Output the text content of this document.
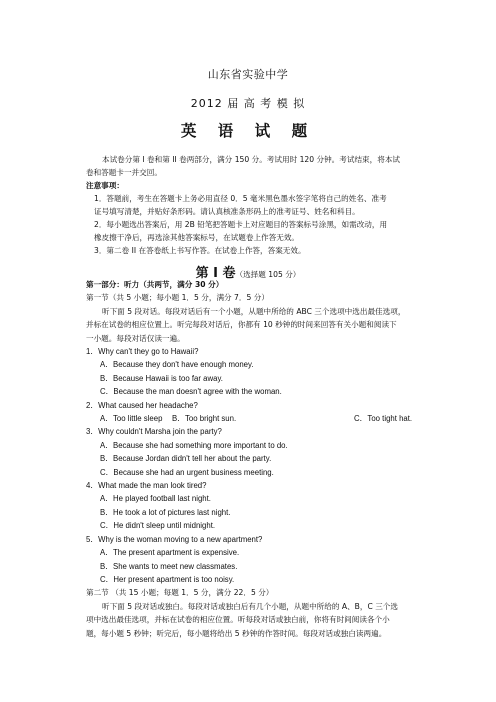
山东省实验中学
2012 届 高 考 模 拟
英 语 试 题

本试卷分第 I 卷和第 II 卷两部分，满分 150 分。考试用时 120 分钟。考试结束，将本试

卷和答题卡一并交回。
注意事项：
1．答题前，考生在答题卡上务必用直径 0．5 毫米黑色墨水签字笔将自己的姓名、准考
证号填写清楚，并贴好条形码。请认真核准条形码上的准考证号、姓名和科目。
2．每小题选出答案后，用 2B 铅笔把答题卡上对应题目的答案标号涂黑，如需改动，用
橡皮擦干净后，再选涂其他答案标号，在试题卷上作答无效。
3．第二卷 II 在答卷纸上书写作答。在试卷上作答，答案无效。
第 I 卷（选择题 105 分）
第一部分：听力（共两节，满分 30 分）
第一节（共 5 小题；每小题 1．5 分，满分 7．5 分）
听下面 5 段对话。每段对话后有一个小题，从题中所给的 ABC 三个选项中选出最佳选项，
并标在试卷的相应位置上。听完每段对话后，你都有 10 秒钟的时间来回答有关小题和阅读下
一小题。每段对话仅读一遍。
1．Why can't they go to Hawaii?
A．Because they don't have enough money.
B．Because Hawaii is too far away.
C．Because the man doesn't agree with the woman.
2．What caused her headache?
A．Too little sleep B．Too bright sun.	C．Too tight hat.
3．Why couldn't Marsha join the party?
A．Because she had something more important to do.
B．Because Jordan didn't tell her about the party.
C．Because she had an urgent business meeting.
4．What made the man look tired?
A．He played football last night.
B．He took a lot of pictures last night.
C．He didn't sleep until midnight.
5．Why is the woman moving to a new apartment?
A．The present apartment is expensive.
B．She wants to meet new classmates.
C．Her present apartment is too noisy.
第二节 （共 15 小题；每题 1．5 分，满分 22．5 分）
听下面 5 段对话或独白。每段对话或独白后有几个小题，从题中所给的 A、B，C 三个选
项中选出最佳选项，并标在试卷的相应位置。听每段对话或独白前，你将有时间阅读各个小
题，每小题 5 秒钟；听完后，每小题将给出 5 秒钟的作答时间。每段对话或独白读两遍。
